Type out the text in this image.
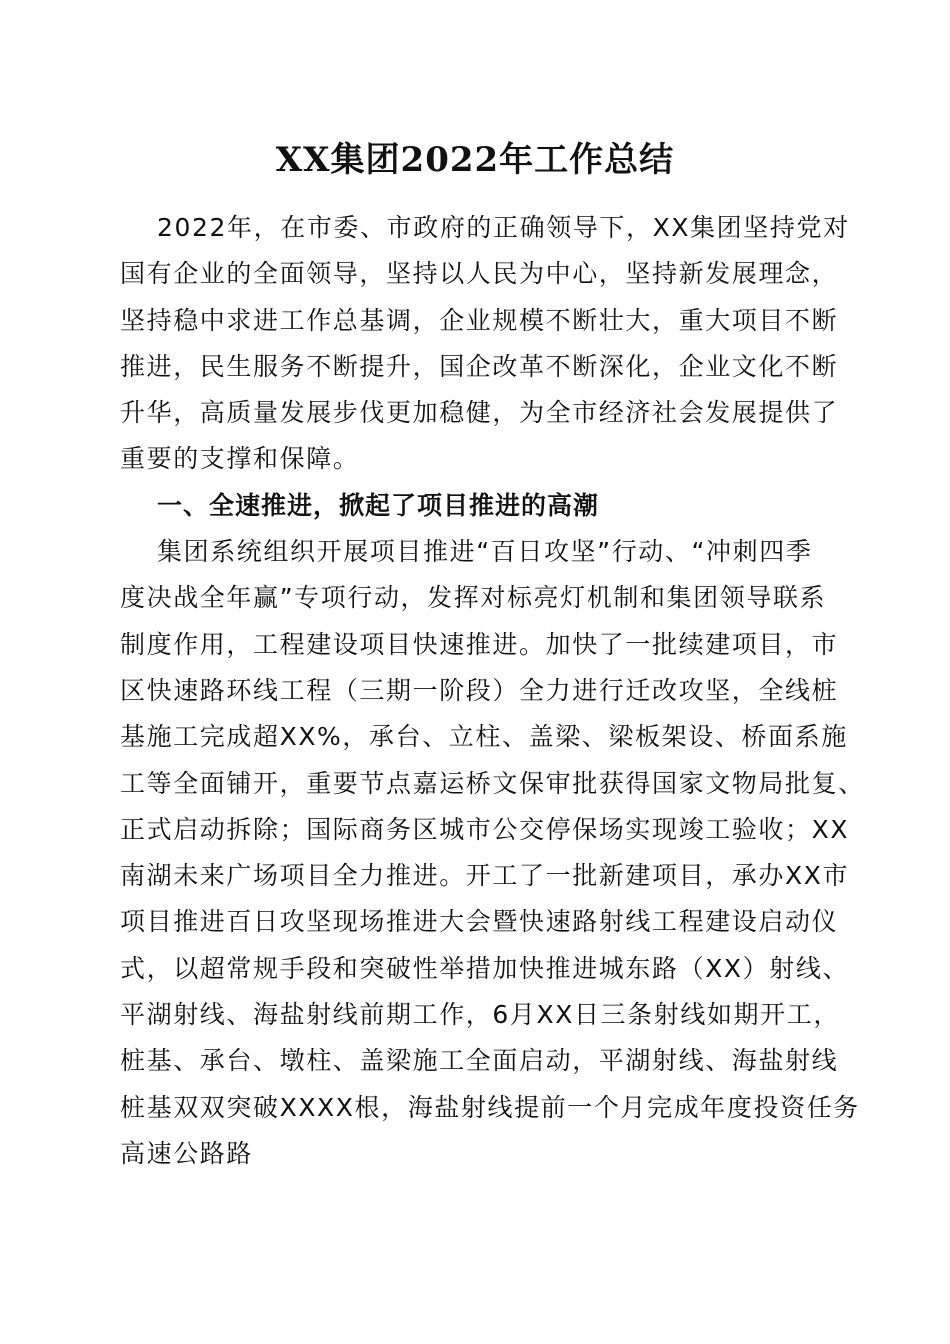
XX集团2022年工作总结
2022年，在市委、市政府的正确领导下，XX集团坚持党对
国有企业的全面领导，坚持以人民为中心，坚持新发展理念，
坚持稳中求进工作总基调，企业规模不断壮大，重大项目不断
推进，民生服务不断提升，国企改革不断深化，企业文化不断
升华，高质量发展步伐更加稳健，为全市经济社会发展提供了
重要的支撑和保障。
一、全速推进，掀起了项目推进的高潮
集团系统组织开展项目推进“百日攻坚”行动、“冲刺四季
度决战全年赢”专项行动，发挥对标亮灯机制和集团领导联系
制度作用，工程建设项目快速推进。加快了一批续建项目，市
区快速路环线工程（三期一阶段）全力进行迁改攻坚，全线桩
基施工完成超XX%，承台、立柱、盖梁、梁板架设、桥面系施
工等全面铺开，重要节点嘉运桥文保审批获得国家文物局批复、
正式启动拆除；国际商务区城市公交停保场实现竣工验收；XX
南湖未来广场项目全力推进。开工了一批新建项目，承办XX市
项目推进百日攻坚现场推进大会暨快速路射线工程建设启动仪
式，以超常规手段和突破性举措加快推进城东路（XX）射线、
平湖射线、海盐射线前期工作，6月XX日三条射线如期开工，
桩基、承台、墩柱、盖梁施工全面启动，平湖射线、海盐射线
桩基双双突破XXXX根，海盐射线提前一个月完成年度投资任务
高速公路路
